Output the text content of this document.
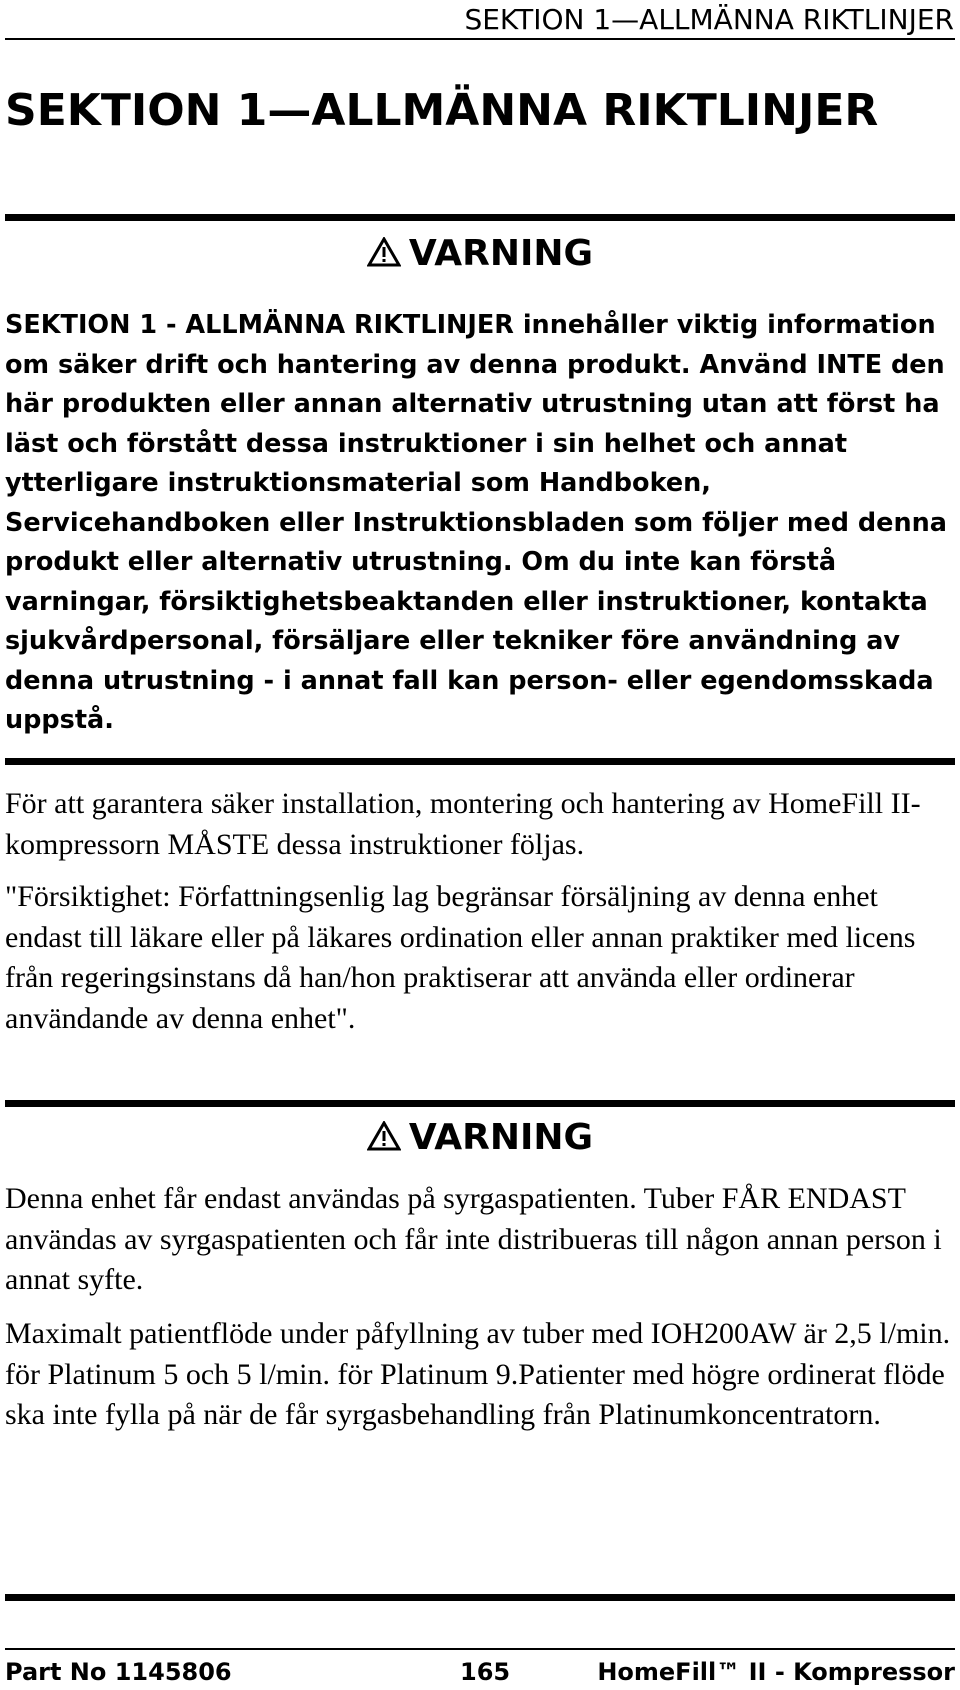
SEKTION 1—ALLMÄNNA RIKTLINJER
SEKTION 1—ALLMÄNNA RIKTLINJER
VARNING

SEKTION 1 - ALLMÄNNA RIKTLINJER innehåller viktig information om säker drift och hantering av denna produkt. Använd INTE den här produkten eller annan alternativ utrustning utan att först ha läst och förstått dessa instruktioner i sin helhet och annat ytterligare instruktionsmaterial som Handboken, Servicehandboken eller Instruktionsbladen som följer med denna produkt eller alternativ utrustning. Om du inte kan förstå varningar, försiktighetsbeaktanden eller instruktioner, kontakta sjukvårdpersonal, försäljare eller tekniker före användning av denna utrustning - i annat fall kan person- eller egendomsskada uppstå.

För att garantera säker installation, montering och hantering av HomeFill II-kompressorn MÅSTE dessa instruktioner följas.

"Försiktighet: Författningsenlig lag begränsar försäljning av denna enhet endast till läkare eller på läkares ordination eller annan praktiker med licens från regeringsinstans då han/hon praktiserar att använda eller ordinerar användande av denna enhet".

VARNING

Denna enhet får endast användas på syrgaspatienten. Tuber FÅR ENDAST användas av syrgaspatienten och får inte distribueras till någon annan person i annat syfte.

Maximalt patientflöde under påfyllning av tuber med IOH200AW är 2,5 l/min. för Platinum 5 och 5 l/min. för Platinum 9.Patienter med högre ordinerat flöde ska inte fylla på när de får syrgasbehandling från Platinumkoncentratorn.

Part No 1145806	165	HomeFill™ II - Kompressor
